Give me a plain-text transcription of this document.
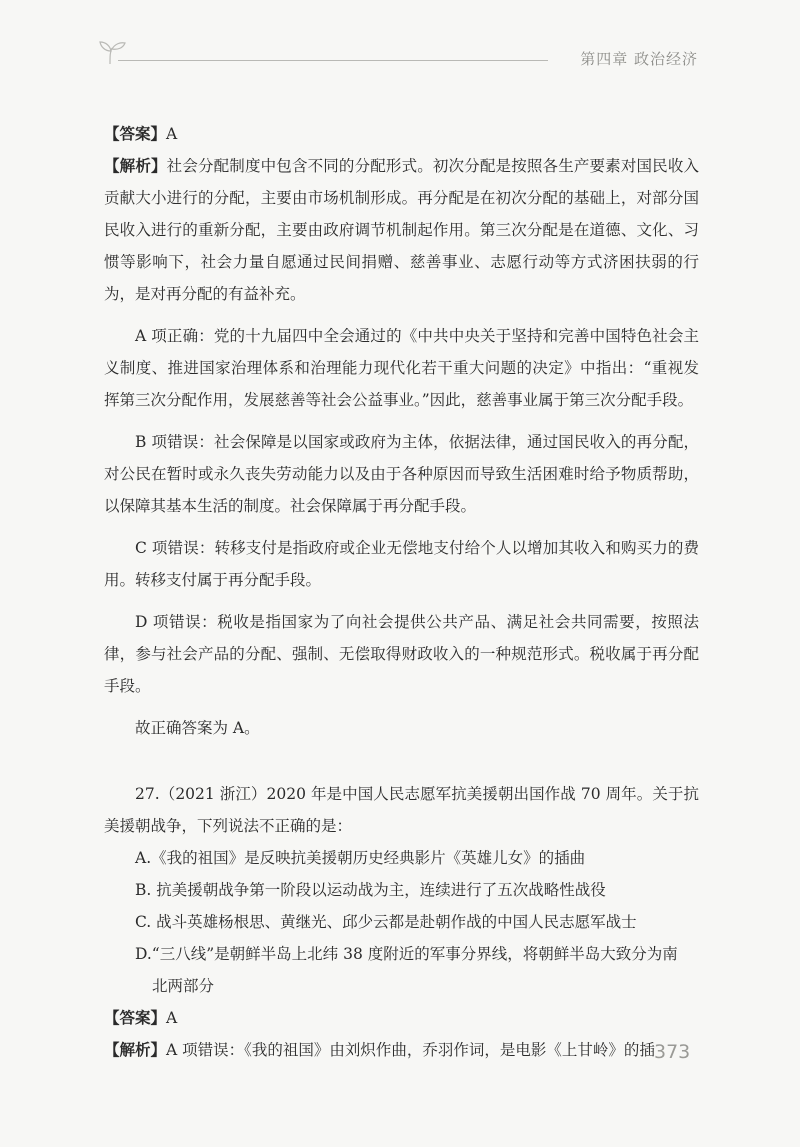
第四章 政治经济

【答案】A

【解析】社会分配制度中包含不同的分配形式。初次分配是按照各生产要素对国民收入贡献大小进行的分配，主要由市场机制形成。再分配是在初次分配的基础上，对部分国民收入进行的重新分配，主要由政府调节机制起作用。第三次分配是在道德、文化、习惯等影响下，社会力量自愿通过民间捐赠、慈善事业、志愿行动等方式济困扶弱的行为，是对再分配的有益补充。

A 项正确：党的十九届四中全会通过的《中共中央关于坚持和完善中国特色社会主义制度、推进国家治理体系和治理能力现代化若干重大问题的决定》中指出：“重视发挥第三次分配作用，发展慈善等社会公益事业。”因此，慈善事业属于第三次分配手段。

B 项错误：社会保障是以国家或政府为主体，依据法律，通过国民收入的再分配，对公民在暂时或永久丧失劳动能力以及由于各种原因而导致生活困难时给予物质帮助，以保障其基本生活的制度。社会保障属于再分配手段。

C 项错误：转移支付是指政府或企业无偿地支付给个人以增加其收入和购买力的费用。转移支付属于再分配手段。

D 项错误：税收是指国家为了向社会提供公共产品、满足社会共同需要，按照法律，参与社会产品的分配、强制、无偿取得财政收入的一种规范形式。税收属于再分配手段。

故正确答案为 A。

27.（2021 浙江）2020 年是中国人民志愿军抗美援朝出国作战 70 周年。关于抗美援朝战争，下列说法不正确的是：

A.《我的祖国》是反映抗美援朝历史经典影片《英雄儿女》的插曲

B. 抗美援朝战争第一阶段以运动战为主，连续进行了五次战略性战役

C. 战斗英雄杨根思、黄继光、邱少云都是赴朝作战的中国人民志愿军战士

D.“三八线”是朝鲜半岛上北纬 38 度附近的军事分界线，将朝鲜半岛大致分为南
北两部分

【答案】A

【解析】A 项错误：《我的祖国》由刘炽作曲，乔羽作词，是电影《上甘岭》的插 373
